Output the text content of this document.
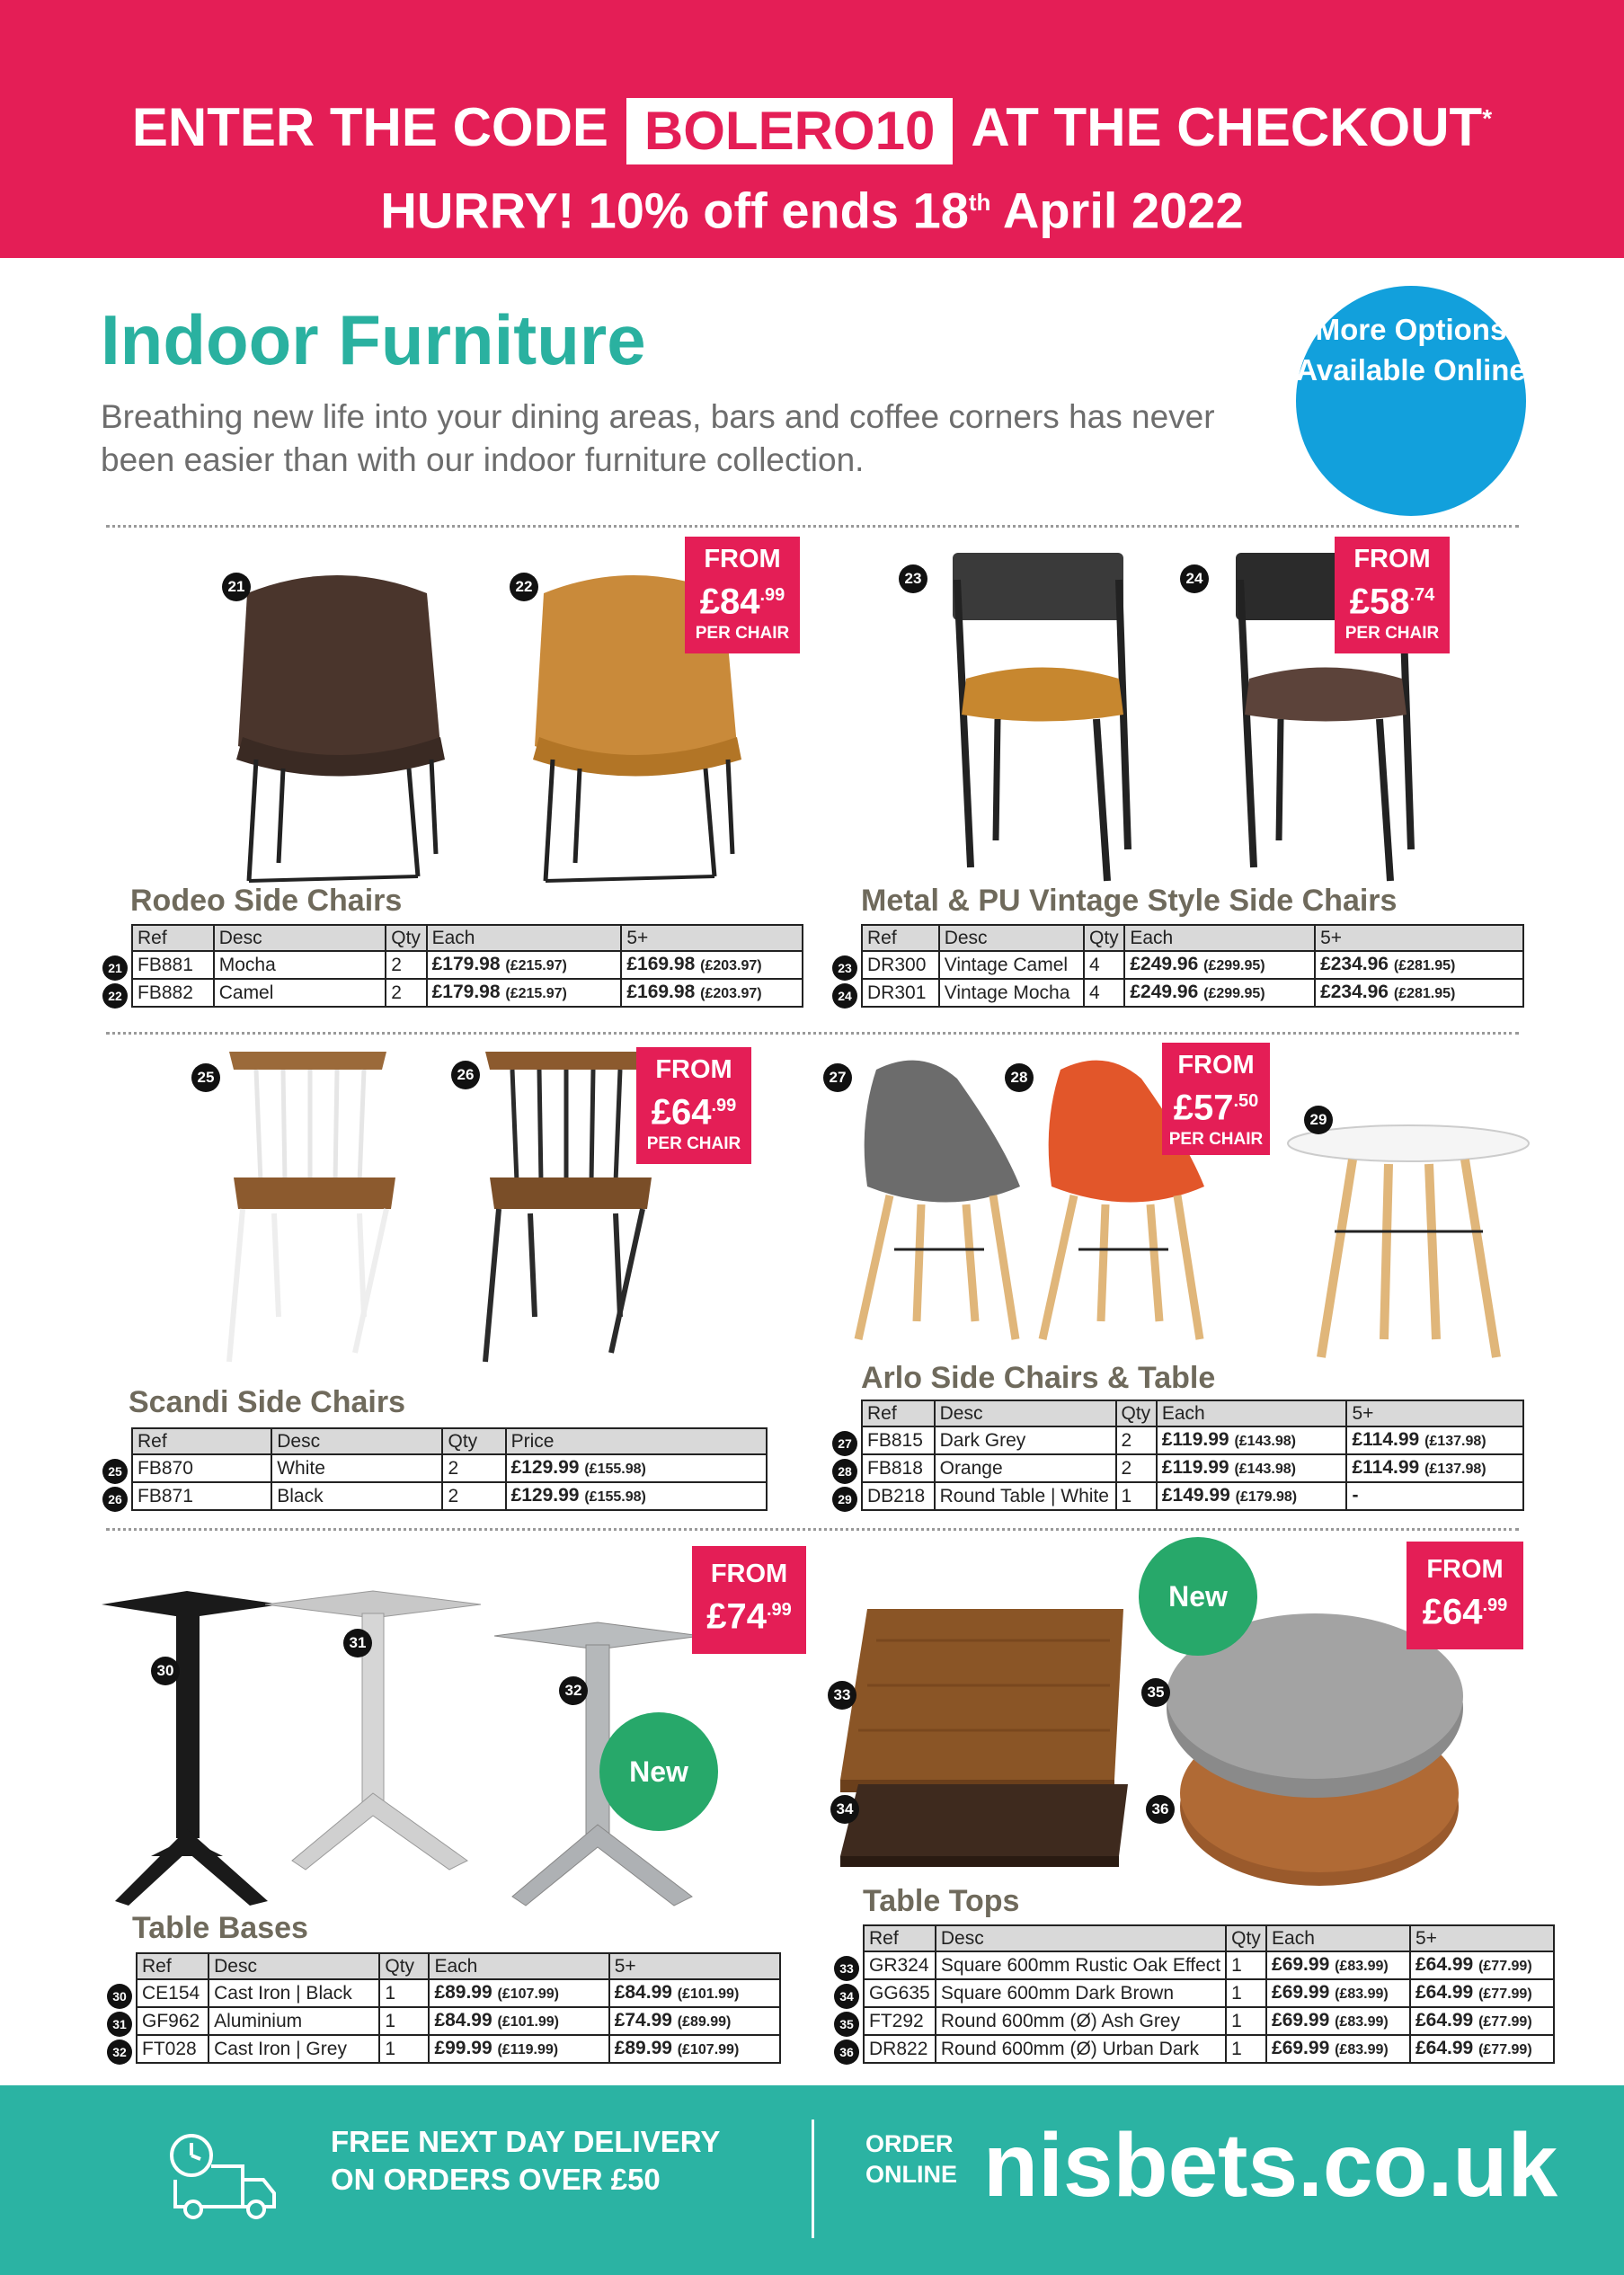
ENTER THE CODE BOLERO10 AT THE CHECKOUT*
HURRY! 10% off ends 18th April 2022
Indoor Furniture
Breathing new life into your dining areas, bars and coffee corners has never been easier than with our indoor furniture collection.
More Options Available Online
21	22
FROM
$£84^{.99}$
PER CHAIR
Rodeo Side Chairs
Ref	Desc	Qty	Each	5+
FB881	Mocha	2	£179.98 (£215.97)	£169.98 (£203.97)
FB882	Camel	2	£179.98 (£215.97)	£169.98 (£203.97)
23	24
FROM
$£58^{.74}$
PER CHAIR
Metal & PU Vintage Style Side Chairs
Ref	Desc	Qty	Each	5+
DR300	Vintage Camel	4	£249.96 (£299.95)	£234.96 (£281.95)
DR301	Vintage Mocha	4	£249.96 (£299.95)	£234.96 (£281.95)
25	26	FROM
$£64^{.99}$
PER CHAIR
Scandi Side Chairs
Ref	Desc	Qty	Price
FB870	White	2	£129.99 (£155.98)
FB871	Black	2	£129.99 (£155.98)
27	28
29
FROM
$£57^{.50}$
PER CHAIR
Arlo Side Chairs & Table
Ref	Desc	Qty	Each	5+
FB815	Dark Grey	2	£119.99 (£143.98)	£114.99 (£137.98)
FB818	Orange	2	£119.99 (£143.98)	£114.99 (£137.98)
DB218	Round Table | White	1	£149.99 (£179.98)	-
30
31
32
FROM
$£74^{.99}$
New
Table Bases
Ref	Desc	Qty	Each	5+
CE154	Cast Iron | Black	1	£89.99 (£107.99)	£84.99 (£101.99)
GF962	Aluminium	1	£84.99 (£101.99)	£74.99 (£89.99)
FT028	Cast Iron | Grey	1	£99.99 (£119.99)	£89.99 (£107.99)
33
34
35
36
New
FROM
$£64^{.99}$
Table Tops
Ref	Desc	Qty	Each	5+
GR324	Square 600mm Rustic Oak Effect	1	£69.99 (£83.99)	£64.99 (£77.99)
GG635	Square 600mm Dark Brown	1	£69.99 (£83.99)	£64.99 (£77.99)
FT292	Round 600mm (Ø) Ash Grey	1	£69.99 (£83.99)	£64.99 (£77.99)
DR822	Round 600mm (Ø) Urban Dark	1	£69.99 (£83.99)	£64.99 (£77.99)
FREE NEXT DAY DELIVERY
ON ORDERS OVER £50
ORDER
ONLINE nisbets.co.uk
21
22
23
24
25
26
27
28
29
30
31
32
33
34
35
36
